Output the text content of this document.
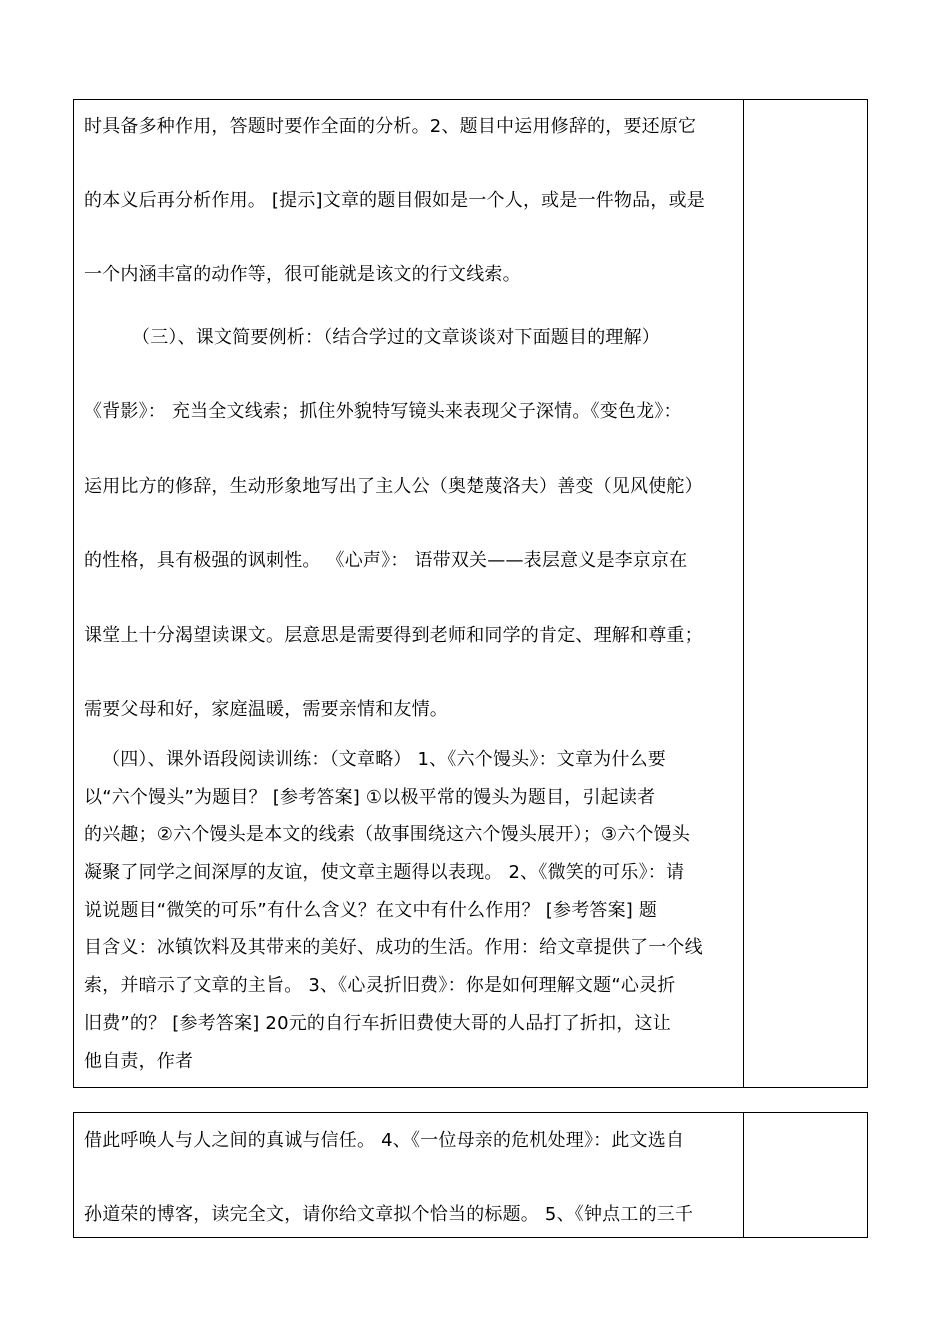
时具备多种作用，答题时要作全面的分析。2、题目中运用修辞的，要还原它
的本义后再分析作用。 [提示]文章的题目假如是一个人，或是一件物品，或是
一个内涵丰富的动作等，很可能就是该文的行文线索。
（三）、课文简要例析：（结合学过的文章谈谈对下面题目的理解）
《背影》： 充当全文线索；抓住外貌特写镜头来表现父子深情。《变色龙》：
运用比方的修辞，生动形象地写出了主人公（奥楚蔑洛夫）善变（见风使舵）
的性格，具有极强的讽刺性。 《心声》： 语带双关——表层意义是李京京在
课堂上十分渴望读课文。层意思是需要得到老师和同学的肯定、理解和尊重；
需要父母和好，家庭温暖，需要亲情和友情。
（四）、课外语段阅读训练：（文章略） 1、《六个馒头》：文章为什么要
以“六个馒头”为题目？ [参考答案] ①以极平常的馒头为题目，引起读者
的兴趣；②六个馒头是本文的线索（故事围绕这六个馒头展开）；③六个馒头
凝聚了同学之间深厚的友谊，使文章主题得以表现。 2、《微笑的可乐》：请
说说题目“微笑的可乐”有什么含义？在文中有什么作用？ [参考答案] 题
目含义：冰镇饮料及其带来的美好、成功的生活。作用：给文章提供了一个线
索，并暗示了文章的主旨。 3、《心灵折旧费》：你是如何理解文题“心灵折
旧费”的？ [参考答案] 20元的自行车折旧费使大哥的人品打了折扣，这让
他自责，作者
借此呼唤人与人之间的真诚与信任。 4、《一位母亲的危机处理》：此文选自
孙道荣的博客，读完全文，请你给文章拟个恰当的标题。 5、《钟点工的三千
